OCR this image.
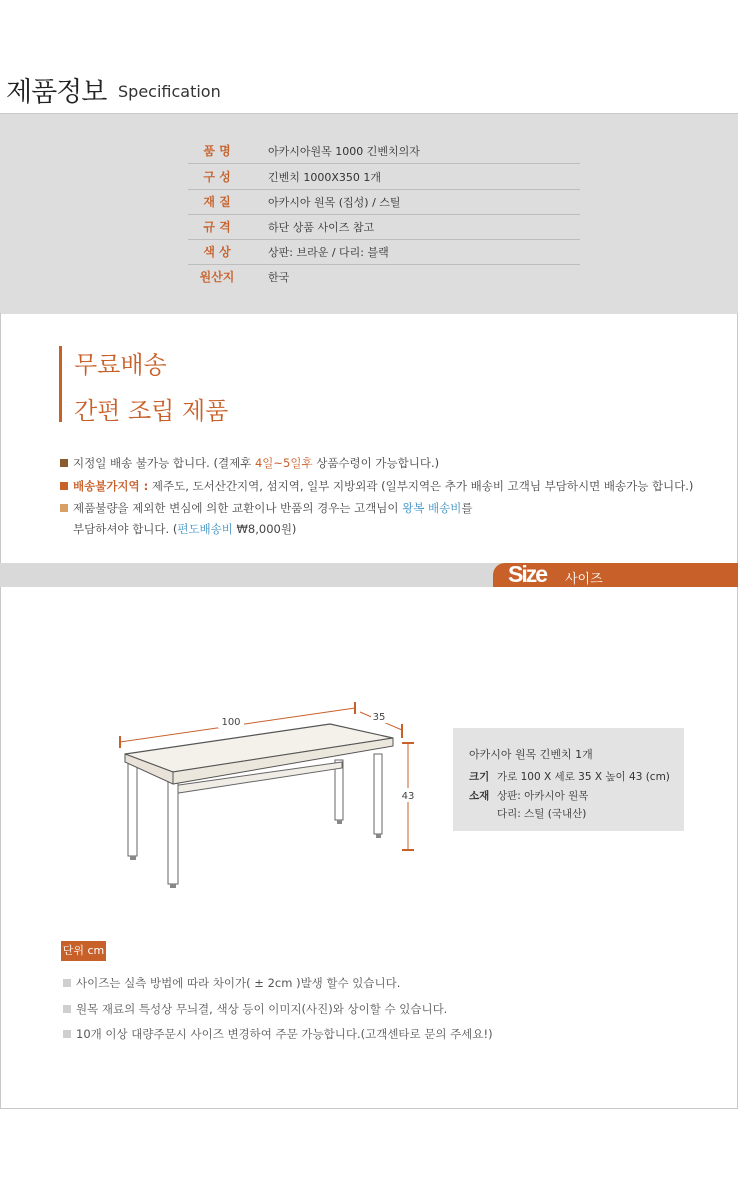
제품정보 Specification
품 명	아카시아원목 1000 긴벤치의자
구 성	긴벤치 1000X350 1개
재 질	아카시아 원목 (집성) / 스틸
규 격	하단 상품 사이즈 참고
색 상	상판: 브라운 / 다리: 블랙
원산지	한국
무료배송
간편 조립 제품
지정일 배송 불가능 합니다. (결제후 4일~5일후 상품수령이 가능합니다.)
배송불가지역 : 제주도, 도서산간지역, 섬지역, 일부 지방외곽 (일부지역은 추가 배송비 고객님 부담하시면 배송가능 합니다.)
제품불량을 제외한 변심에 의한 교환이나 반품의 경우는 고객님이 왕복 배송비를
부담하셔야 합니다. (편도배송비 ₩8,000원)
Size 사이즈
100	35
43
아카시아 원목 긴벤치 1개
크기 가로 100 X 세로 35 X 높이 43 (cm)
소재 상판: 아카시아 원목
다리: 스틸 (국내산)
단위 cm
사이즈는 실측 방법에 따라 차이가( ± 2cm )발생 할수 있습니다.
원목 재료의 특성상 무늬결, 색상 등이 이미지(사진)와 상이할 수 있습니다.
10개 이상 대량주문시 사이즈 변경하여 주문 가능합니다.(고객센타로 문의 주세요!)
